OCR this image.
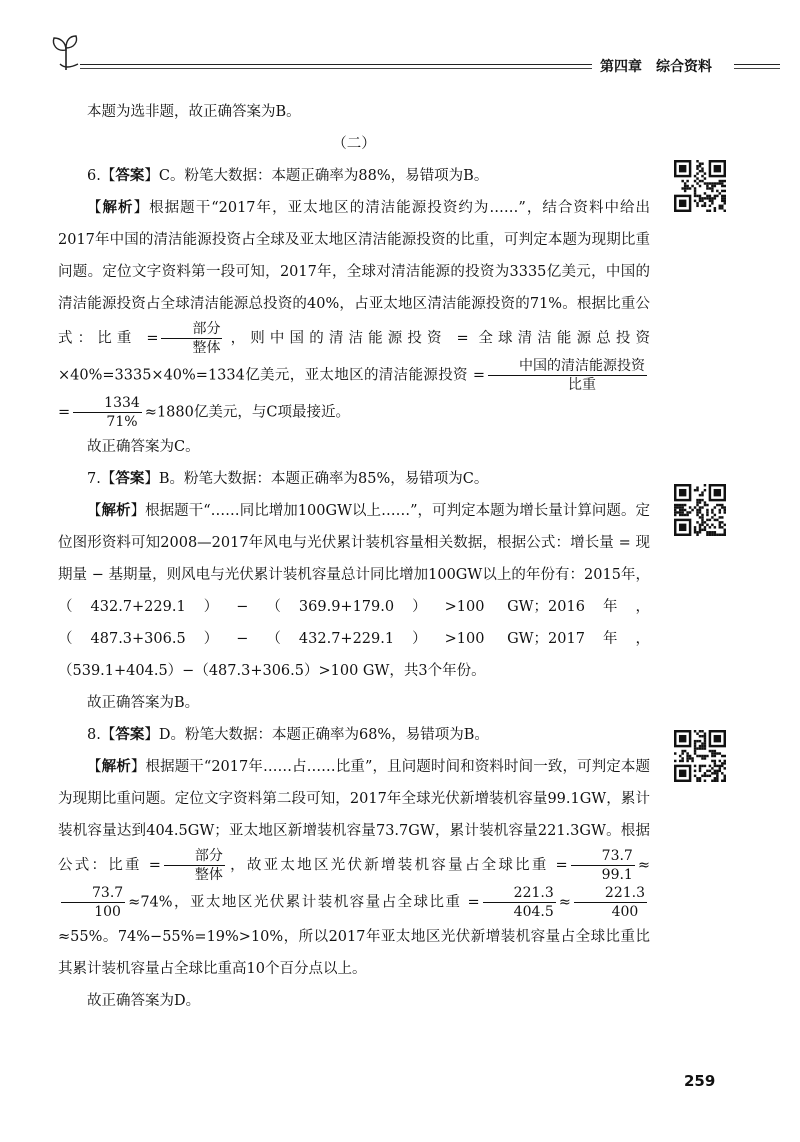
第四章 综合资料

本题为选非题，故正确答案为B。

（二）

6.【答案】C。粉笔大数据：本题正确率为88%，易错项为B。

【解析】根据题干“2017年，亚太地区的清洁能源投资约为……”，结合资料中给出2017年中国的清洁能源投资占全球及亚太地区清洁能源投资的比重，可判定本题为现期比重问题。定位文字资料第一段可知，2017年，全球对清洁能源的投资为3335亿美元，中国的清洁能源投资占全球清洁能源总投资的40%，占亚太地区清洁能源投资的71%。根据比重公式：比重 = $\frac{\text{部分}}{\text{整体}}$ ，则中国的清洁能源投资 = 全球清洁能源总投资 ×40%=3335×40%=1334亿美元，亚太地区的清洁能源投资 = $\frac{\text{中国的清洁能源投资}}{\text{比重}}$
= $\frac{1334}{71\%} \approx 1880$亿美元，与C项最接近。

故正确答案为C。

7.【答案】B。粉笔大数据：本题正确率为85%，易错项为C。

【解析】根据题干“……同比增加100GW以上……”，可判定本题为增长量计算问题。定位图形资料可知2008—2017年风电与光伏累计装机容量相关数据，根据公式：增长量 = 现期量 − 基期量，则风电与光伏累计装机容量总计同比增加100GW以上的年份有：2015年，（432.7+229.1）−（369.9+179.0）>100 GW；2016年，（487.3+306.5）−（432.7+229.1）>100 GW；2017年，（539.1+404.5）−（487.3+306.5）>100 GW，共3个年份。

故正确答案为B。

8.【答案】D。粉笔大数据：本题正确率为68%，易错项为B。

【解析】根据题干“2017年……占……比重”，且问题时间和资料时间一致，可判定本题为现期比重问题。定位文字资料第二段可知，2017年全球光伏新增装机容量99.1GW，累计装机容量达到404.5GW；亚太地区新增装机容量73.7GW，累计装机容量221.3GW。根据公式：比重 = $\frac{\text{部分}}{\text{整体}}$ ，故亚太地区光伏新增装机容量占全球比重 = $\frac{73.7}{99.1}$ ≈
$\frac{73.7}{100} \approx 74\%$，亚太地区光伏累计装机容量占全球比重 = $\frac{221.3}{404.5} \approx \frac{221.3}{400}$
≈55%。74%−55%=19%>10%，所以2017年亚太地区光伏新增装机容量占全球比重比其累计装机容量占全球比重高10个百分点以上。

故正确答案为D。

259
